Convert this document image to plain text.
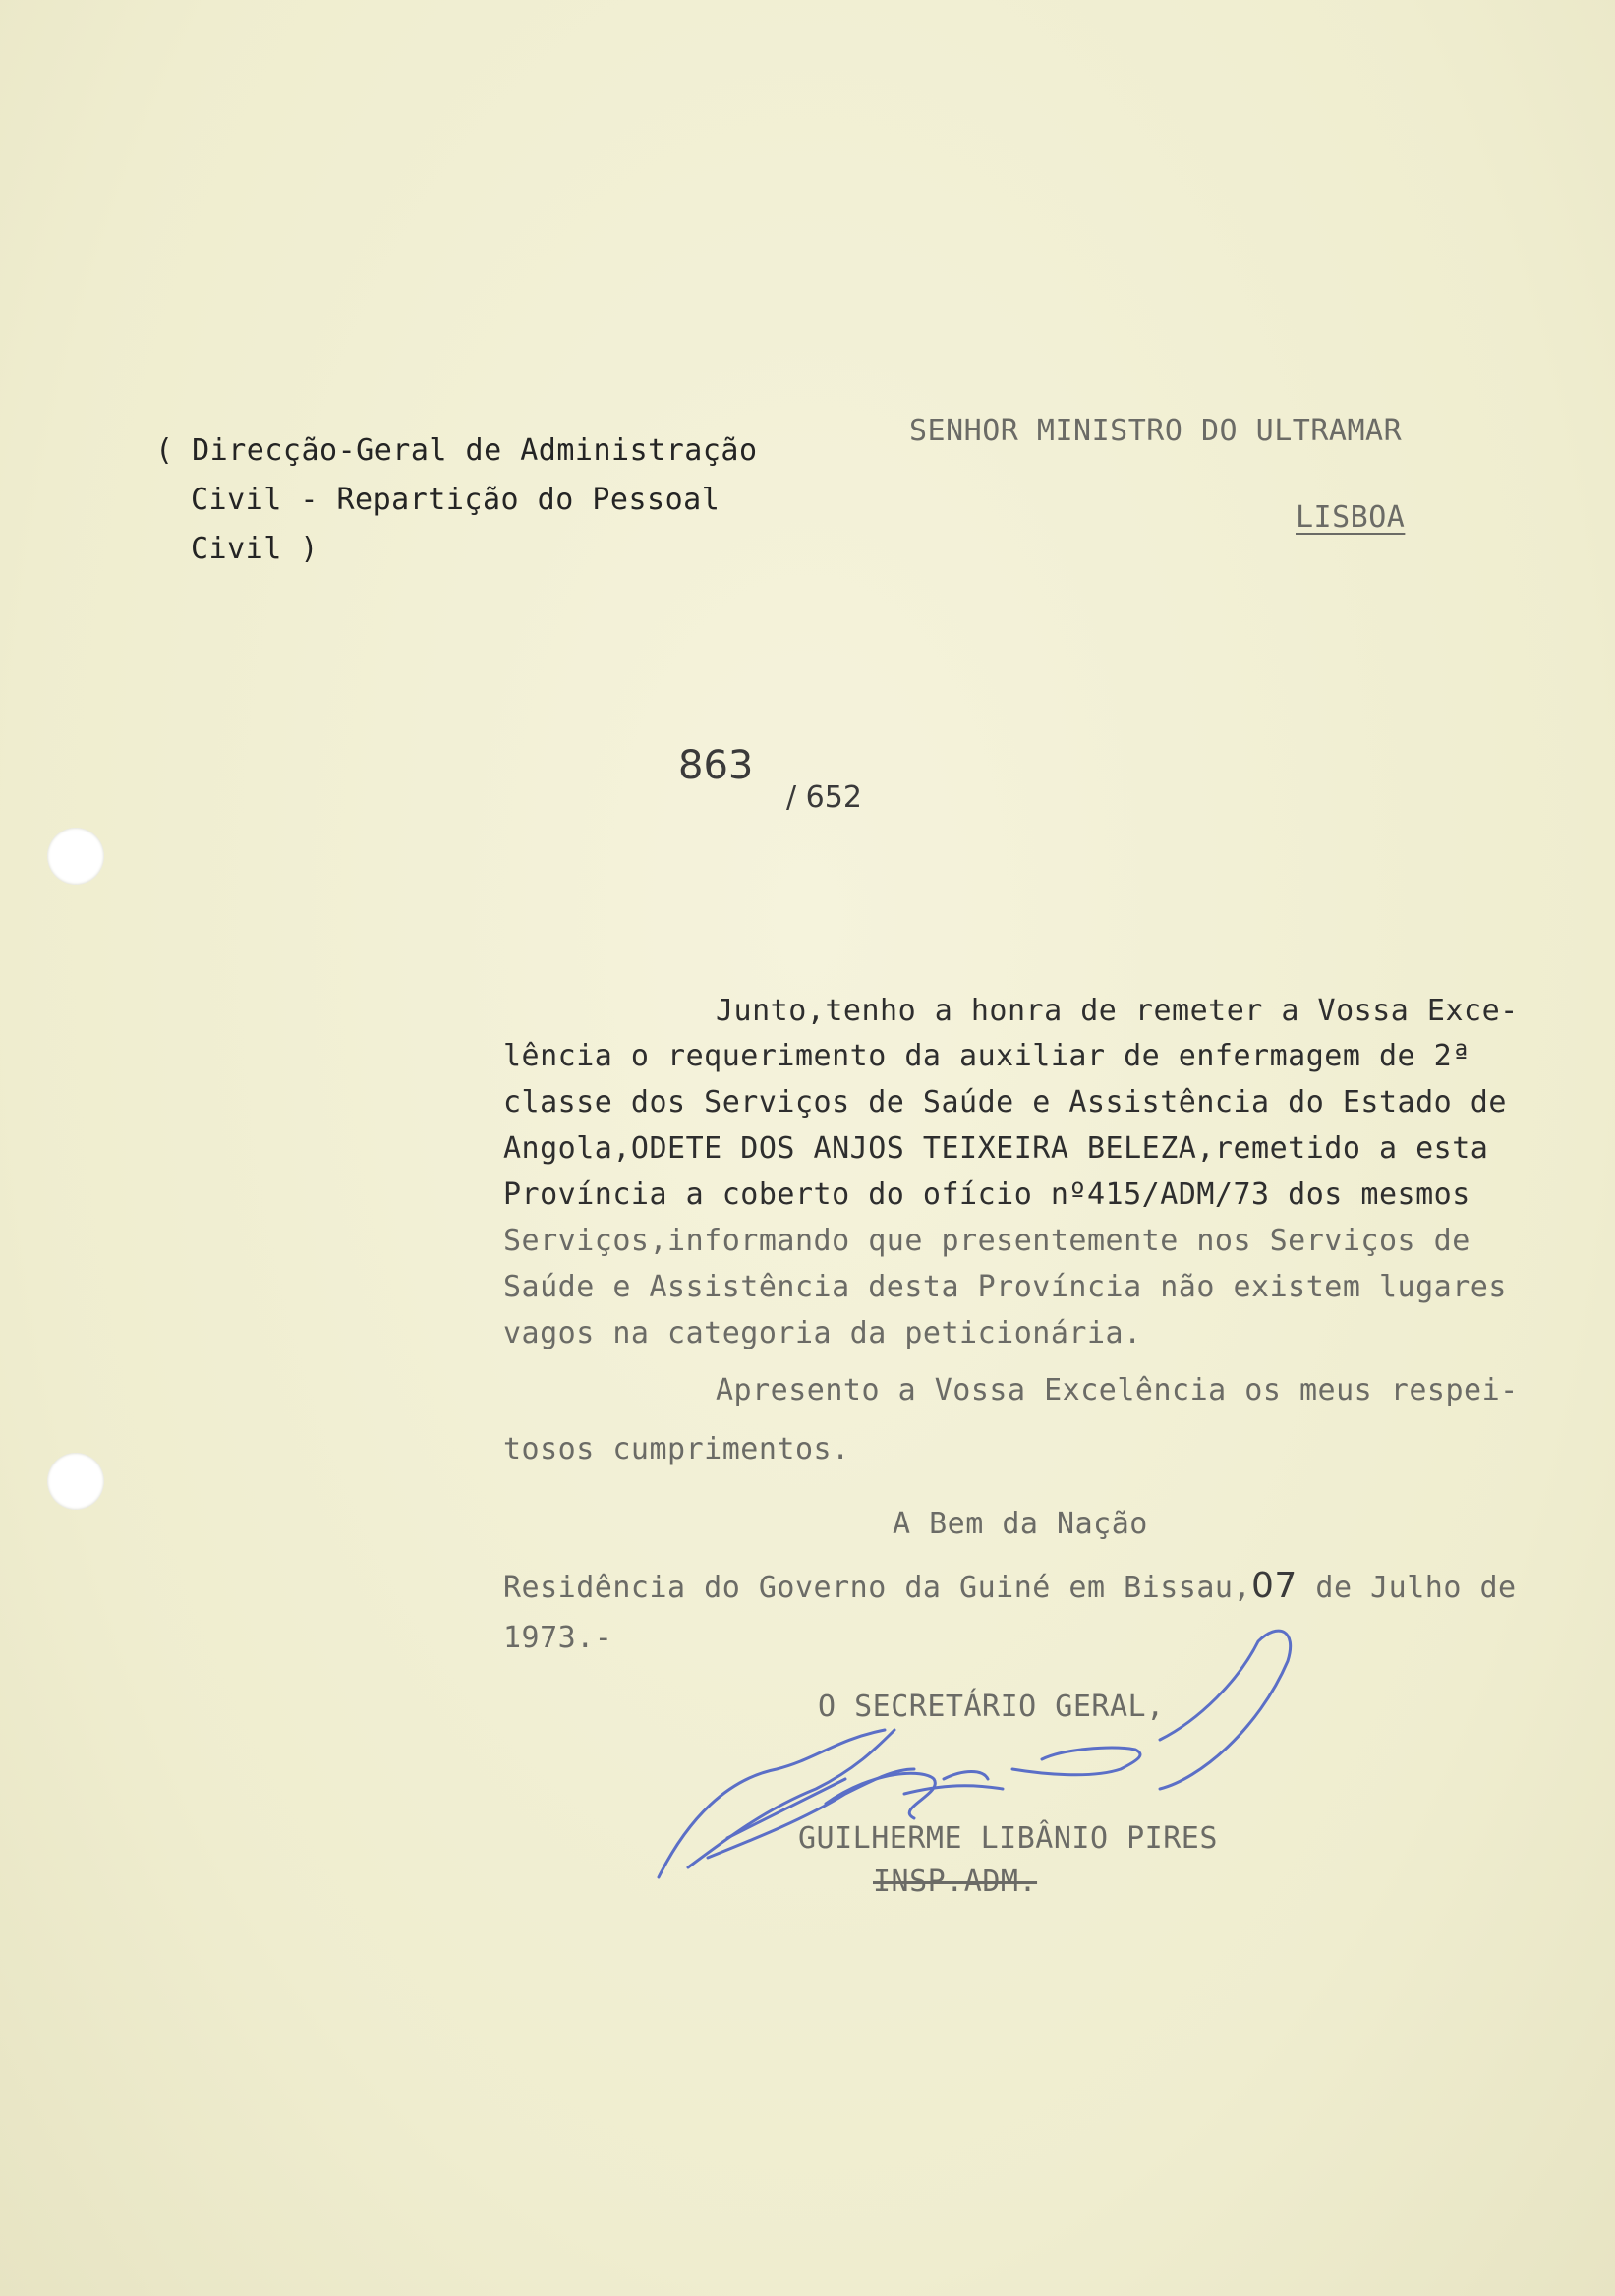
( Direcção-Geral de Administração
Civil - Repartição do Pessoal
Civil )
SENHOR MINISTRO DO ULTRAMAR
LISBOA
863
/ 652
Junto,tenho a honra de remeter a Vossa Exce-
lência o requerimento da auxiliar de enfermagem de 2ª
classe dos Serviços de Saúde e Assistência do Estado de
Angola,ODETE DOS ANJOS TEIXEIRA BELEZA,remetido a esta
Província a coberto do ofício nº415/ADM/73 dos mesmos
Serviços,informando que presentemente nos Serviços de
Saúde e Assistência desta Província não existem lugares
vagos na categoria da peticionária.
Apresento a Vossa Excelência os meus respei-
tosos cumprimentos.
A Bem da Nação
Residência do Governo da Guiné em Bissau,07 de Julho de
1973.-
O SECRETÁRIO GERAL,
GUILHERME LIBÂNIO PIRES
INSP.ADM.
